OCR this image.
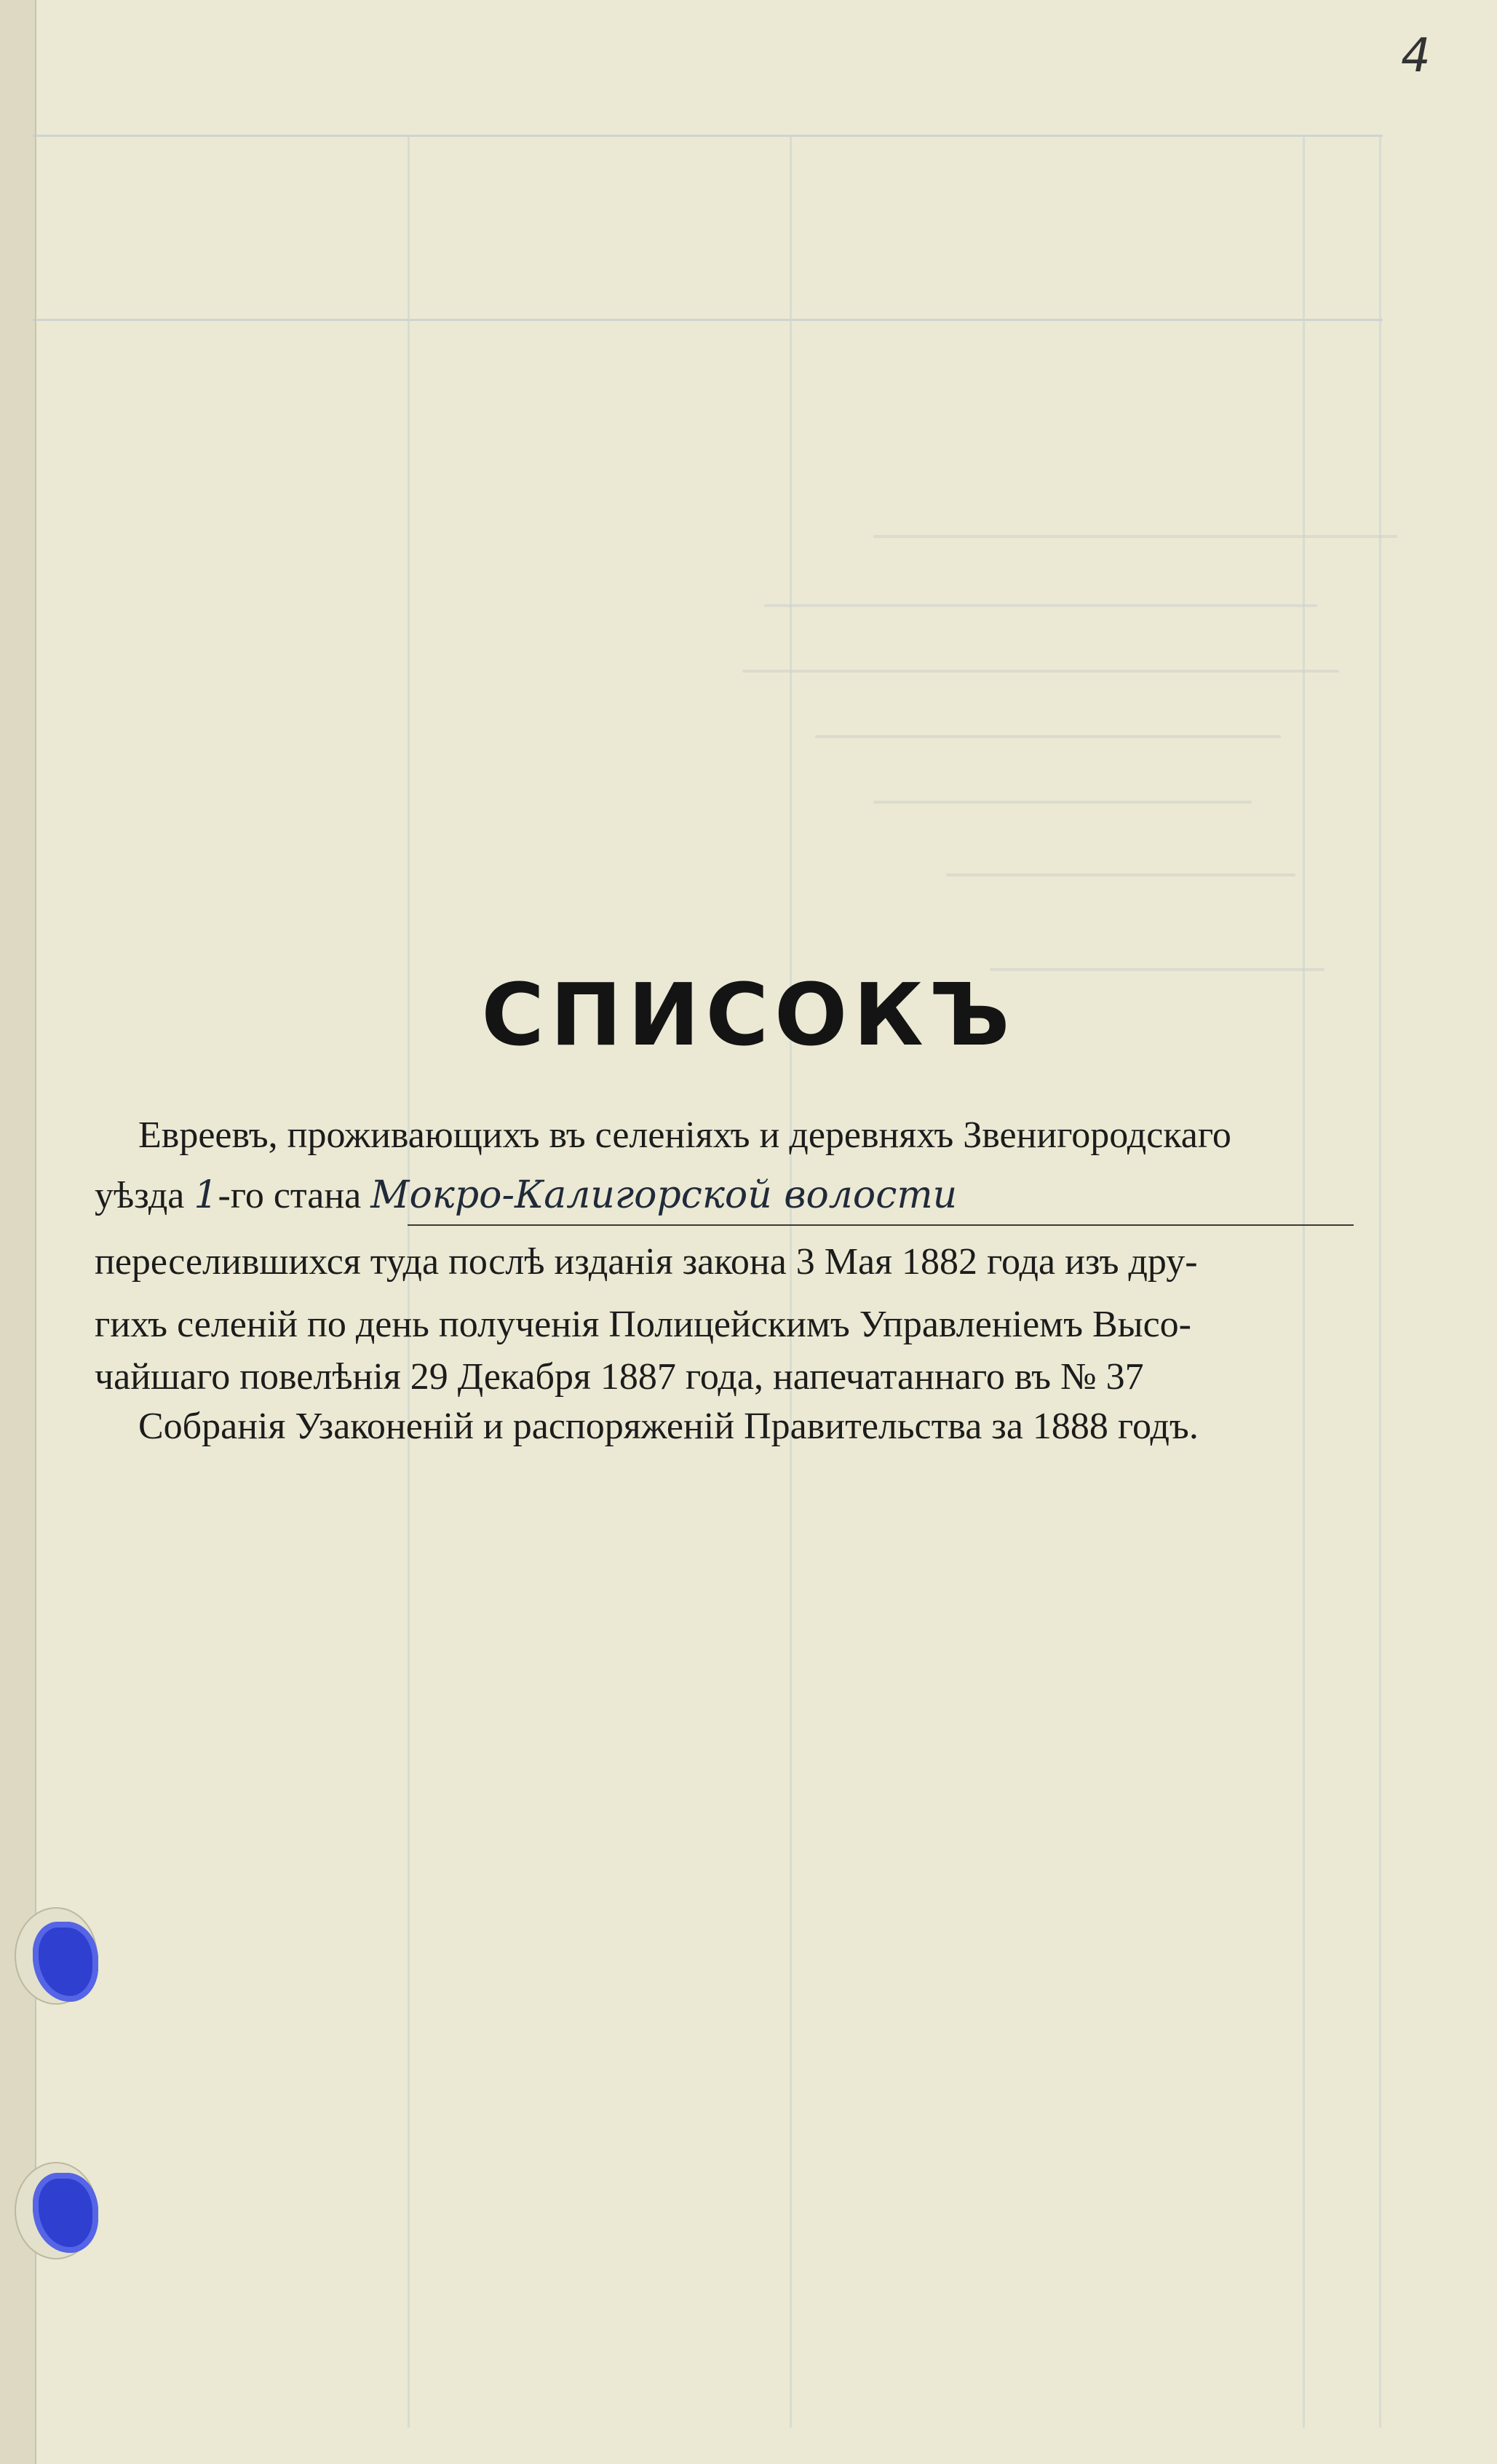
4
СПИСОКЪ
Евреевъ, проживающихъ въ селеніяхъ и деревняхъ Звенигородскаго
уѣзда 1-го стана Мокро-Калигорской волости
переселившихся туда послѣ изданія закона 3 Мая 1882 года изъ дру-
гихъ селеній по день полученія Полицейскимъ Управленіемъ Высо-
чайшаго повелѣнія 29 Декабря 1887 года, напечатаннаго въ № 37
Собранія Узаконеній и распоряженій Правительства за 1888 годъ.
